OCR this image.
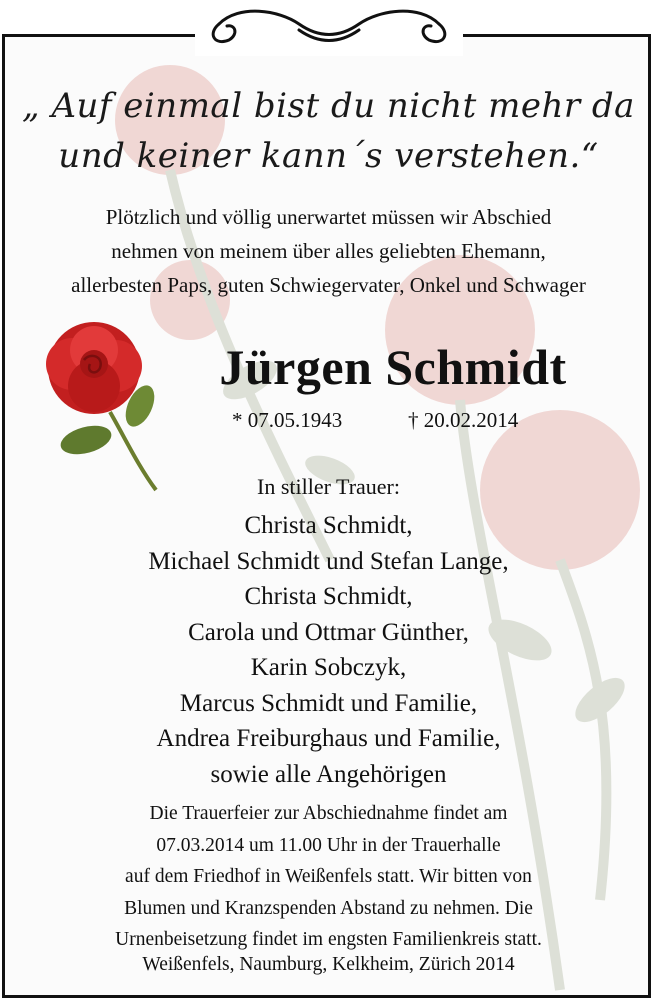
„ Auf einmal bist du nicht mehr da
und keiner kann´s verstehen.“
Plötzlich und völlig unerwartet müssen wir Abschied
nehmen von meinem über alles geliebten Ehemann,
allerbesten Paps, guten Schwiegervater, Onkel und Schwager
Jürgen Schmidt
* 07.05.1943	† 20.02.2014
In stiller Trauer:
Christa Schmidt,
Michael Schmidt und Stefan Lange,
Christa Schmidt,
Carola und Ottmar Günther,
Karin Sobczyk,
Marcus Schmidt und Familie,
Andrea Freiburghaus und Familie,
sowie alle Angehörigen
Die Trauerfeier zur Abschiednahme findet am
07.03.2014 um 11.00 Uhr in der Trauerhalle
auf dem Friedhof in Weißenfels statt. Wir bitten von
Blumen und Kranzspenden Abstand zu nehmen. Die
Urnenbeisetzung findet im engsten Familienkreis statt.
Weißenfels, Naumburg, Kelkheim, Zürich 2014
